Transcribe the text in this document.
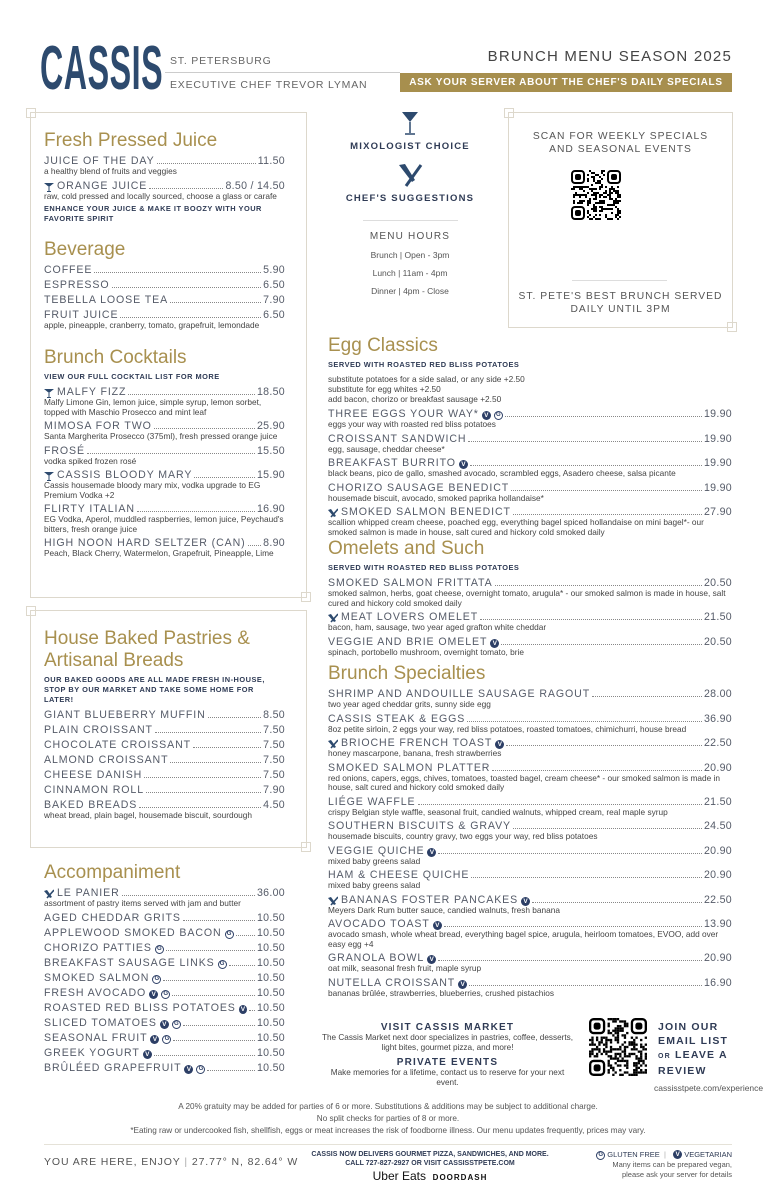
CASSIS ST. PETERSBURG
EXECUTIVE CHEF TREVOR LYMAN
BRUNCH MENU SEASON 2025
ASK YOUR SERVER ABOUT THE CHEF'S DAILY SPECIALS
Fresh Pressed Juice
JUICE OF THE DAY	11.50
a healthy blend of fruits and veggies
ORANGE JUICE	8.50 / 14.50
raw, cold pressed and locally sourced, choose a glass or carafe
ENHANCE YOUR JUICE & MAKE IT BOOZY WITH YOUR FAVORITE SPIRIT
Beverage
COFFEE	5.90
ESPRESSO	6.50
TEBELLA LOOSE TEA	7.90
FRUIT JUICE	6.50
apple, pineapple, cranberry, tomato, grapefruit, lemondade
Brunch Cocktails
VIEW OUR FULL COCKTAIL LIST FOR MORE
MALFY FIZZ	18.50
Malfy Limone Gin, lemon juice, simple syrup, lemon sorbet, topped with Maschio Prosecco and mint leaf
MIMOSA FOR TWO	25.90
Santa Margherita Prosecco (375ml), fresh pressed orange juice
FROSÉ	15.50
vodka spiked frozen rosé
CASSIS BLOODY MARY	15.90
Cassis housemade bloody mary mix, vodka upgrade to EG Premium Vodka +2
FLIRTY ITALIAN	16.90
EG Vodka, Aperol, muddled raspberries, lemon juice, Peychaud's bitters, fresh orange juice
HIGH NOON HARD SELTZER (CAN) 8.90
Peach, Black Cherry, Watermelon, Grapefruit, Pineapple, Lime
House Baked Pastries & Artisanal Breads
OUR BAKED GOODS ARE ALL MADE FRESH IN-HOUSE, STOP BY OUR MARKET AND TAKE SOME HOME FOR LATER!
GIANT BLUEBERRY MUFFIN	8.50
PLAIN CROISSANT	7.50
CHOCOLATE CROISSANT	7.50
ALMOND CROISSANT	7.50
CHEESE DANISH	7.50
CINNAMON ROLL	7.90
BAKED BREADS	4.50
wheat bread, plain bagel, housemade biscuit, sourdough
Accompaniment
LE PANIER	36.00
assortment of pastry items served with jam and butter
AGED CHEDDAR GRITS	10.50
APPLEWOOD SMOKED BACON G 10.50
CHORIZO PATTIES G	10.50
BREAKFAST SAUSAGE LINKS G	10.50
SMOKED SALMON G	10.50
FRESH AVOCADO V	G	10.50
ROASTED RED BLISS POTATOES V 10.50
SLICED TOMATOES V	G	10.50
SEASONAL FRUIT V	G	10.50
GREEK YOGURT V	10.50
BRÛLÉED GRAPEFRUIT V	G	10.50
MIXOLOGIST CHOICE
CHEF'S SUGGESTIONS
MENU HOURS
Brunch | Open - 3pm
Lunch | 11am - 4pm
Dinner | 4pm - Close
SCAN FOR WEEKLY SPECIALS AND SEASONAL EVENTS
ST. PETE'S BEST BRUNCH SERVED DAILY UNTIL 3PM
Egg Classics
SERVED WITH ROASTED RED BLISS POTATOES
substitute potatoes for a side salad, or any side +2.50
substitute for egg whites +2.50
add bacon, chorizo or breakfast sausage +2.50
THREE EGGS YOUR WAY* V	G	19.90
eggs your way with roasted red bliss potatoes
CROISSANT SANDWICH	19.90
egg, sausage, cheddar cheese*
BREAKFAST BURRITO V	19.90
black beans, pico de gallo, smashed avocado, scrambled eggs, Asadero cheese, salsa picante
CHORIZO SAUSAGE BENEDICT	19.90
housemade biscuit, avocado, smoked paprika hollandaise*
SMOKED SALMON BENEDICT	27.90
scallion whipped cream cheese, poached egg, everything bagel spiced hollandaise on mini bagel*- our smoked salmon is made in house, salt cured and hickory cold smoked daily
Omelets and Such
SERVED WITH ROASTED RED BLISS POTATOES
SMOKED SALMON FRITTATA	20.50
smoked salmon, herbs, goat cheese, overnight tomato, arugula* - our smoked salmon is made in house, salt cured and hickory cold smoked daily
MEAT LOVERS OMELET	21.50
bacon, ham, sausage, two year aged grafton white cheddar
VEGGIE AND BRIE OMELET V	20.50
spinach, portobello mushroom, overnight tomato, brie
Brunch Specialties
SHRIMP AND ANDOUILLE SAUSAGE RAGOUT	28.00
two year aged cheddar grits, sunny side egg
CASSIS STEAK & EGGS	36.90
8oz petite sirloin, 2 eggs your way, red bliss potatoes, roasted tomatoes, chimichurri, house bread
BRIOCHE FRENCH TOAST V	22.50
honey mascarpone, banana, fresh strawberries
SMOKED SALMON PLATTER	20.90
red onions, capers, eggs, chives, tomatoes, toasted bagel, cream cheese* - our smoked salmon is made in house, salt cured and hickory cold smoked daily
LIÉGE WAFFLE	21.50
crispy Belgian style waffle, seasonal fruit, candied walnuts, whipped cream, real maple syrup
SOUTHERN BISCUITS & GRAVY	24.50
housemade biscuits, country gravy, two eggs your way, red bliss potatoes
VEGGIE QUICHE V	20.90
mixed baby greens salad
HAM & CHEESE QUICHE	20.90
mixed baby greens salad
BANANAS FOSTER PANCAKES V	22.50
Meyers Dark Rum butter sauce, candied walnuts, fresh banana
AVOCADO TOAST V	13.90
avocado smash, whole wheat bread, everything bagel spice, arugula, heirloom tomatoes, EVOO, add over easy egg +4
GRANOLA BOWL V	20.90
oat milk, seasonal fresh fruit, maple syrup
NUTELLA CROISSANT V	16.90
bananas brûlée, strawberries, blueberries, crushed pistachios
VISIT CASSIS MARKET
The Cassis Market next door specializes in pastries, coffee, desserts, light bites, gourmet pizza, and more!
PRIVATE EVENTS
Make memories for a lifetime, contact us to reserve for your next event.
JOIN OUR
EMAIL LIST
OR LEAVE A REVIEW
cassisstpete.com/experience
A 20% gratuity may be added for parties of 6 or more. Substitutions & additions may be subject to additional charge.
No split checks for parties of 8 or more.
*Eating raw or undercooked fish, shellfish, eggs or meat increases the risk of foodborne illness. Our menu updates frequently, prices may vary.
YOU ARE HERE, ENJOY | 27.77° N, 82.64° W
CASSIS NOW DELIVERS GOURMET PIZZA, SANDWICHES, AND MORE.
CALL 727-827-2927 OR VISIT CASSISSTPETE.COM
Uber Eats DOORDASH
G GLUTEN FREE  |  V VEGETARIAN
Many items can be prepared vegan, please ask your server for details
